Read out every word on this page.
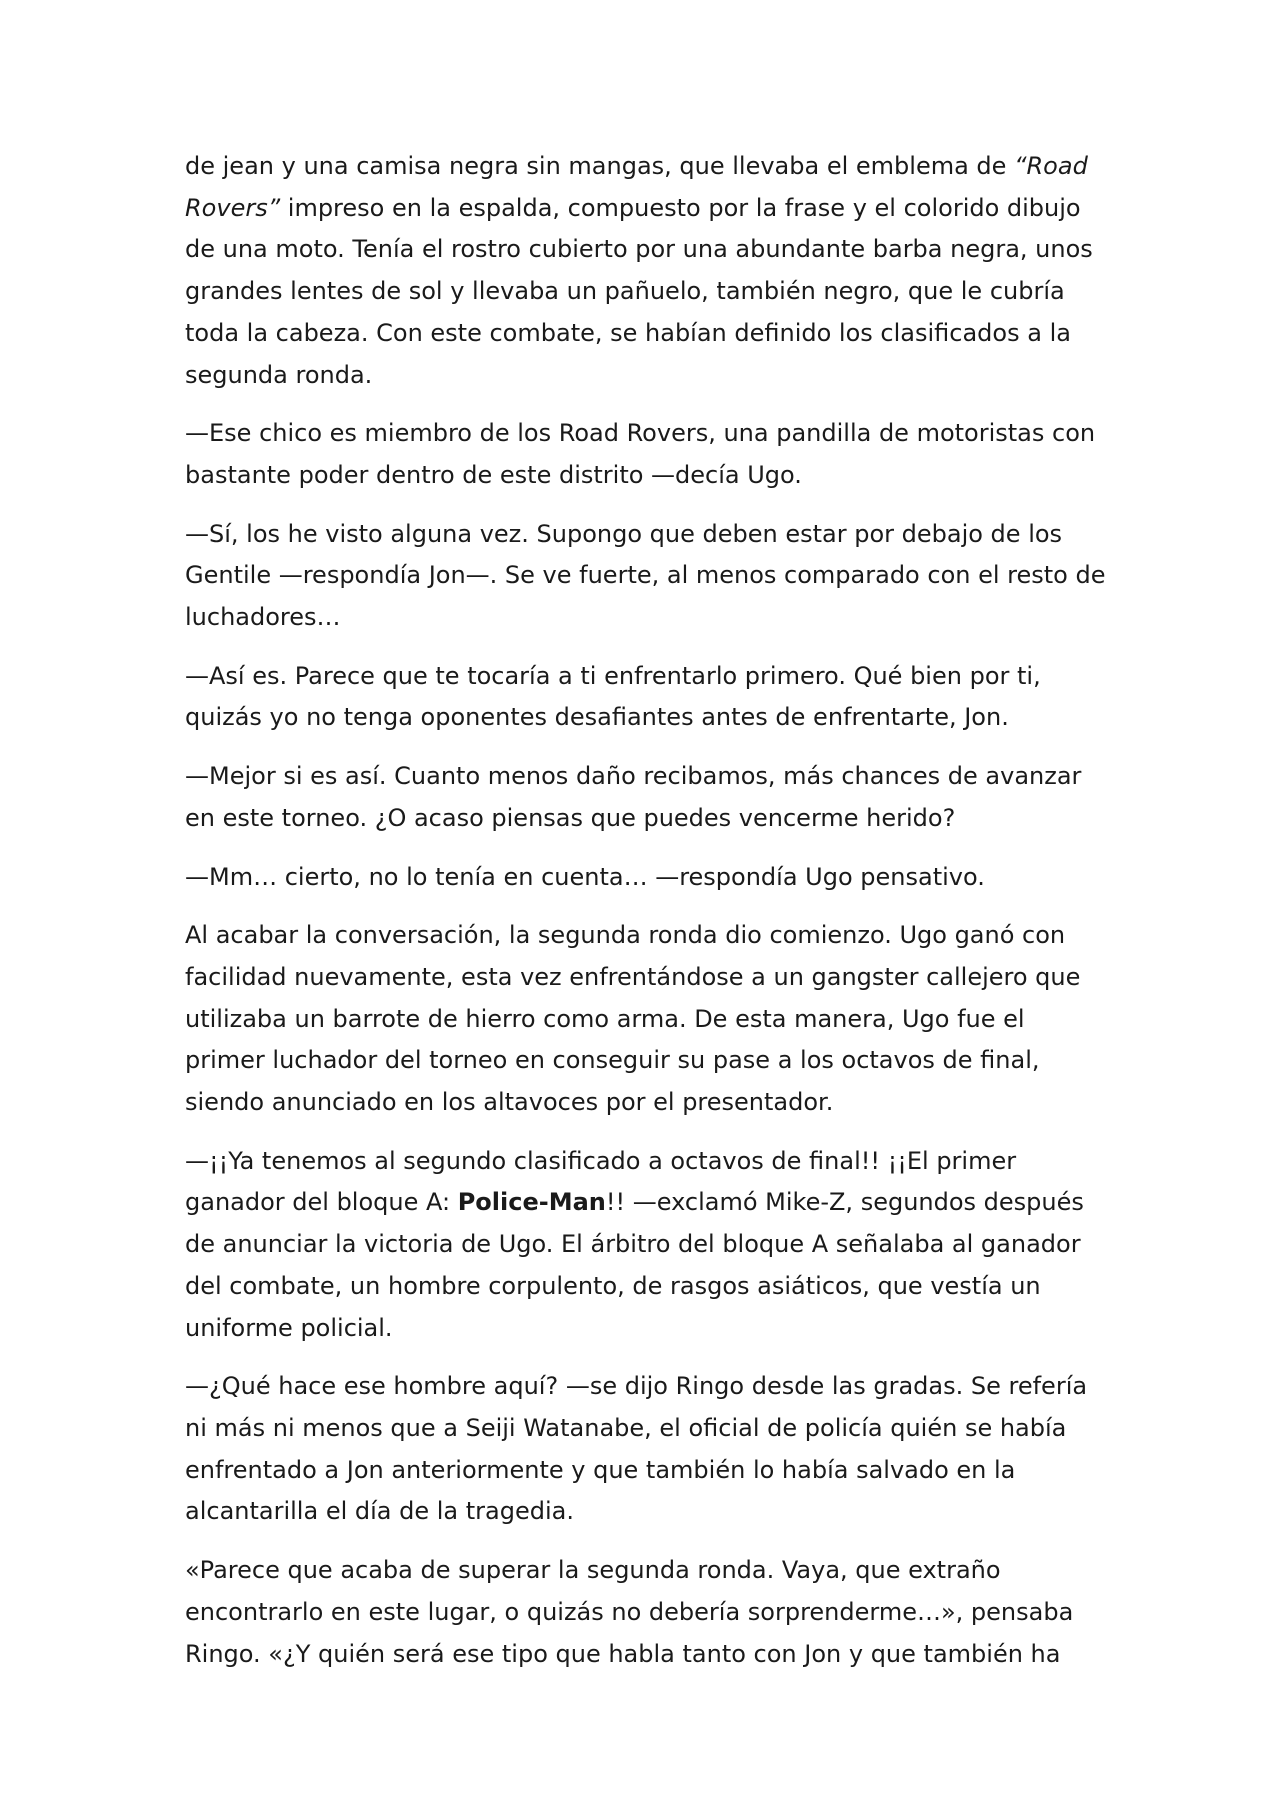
de jean y una camisa negra sin mangas, que llevaba el emblema de “Road Rovers” impreso en la espalda, compuesto por la frase y el colorido dibujo de una moto. Tenía el rostro cubierto por una abundante barba negra, unos grandes lentes de sol y llevaba un pañuelo, también negro, que le cubría toda la cabeza. Con este combate, se habían definido los clasificados a la segunda ronda.

—Ese chico es miembro de los Road Rovers, una pandilla de motoristas con bastante poder dentro de este distrito —decía Ugo.

—Sí, los he visto alguna vez. Supongo que deben estar por debajo de los Gentile —respondía Jon—. Se ve fuerte, al menos comparado con el resto de luchadores…

—Así es. Parece que te tocaría a ti enfrentarlo primero. Qué bien por ti, quizás yo no tenga oponentes desafiantes antes de enfrentarte, Jon.

—Mejor si es así. Cuanto menos daño recibamos, más chances de avanzar en este torneo. ¿O acaso piensas que puedes vencerme herido?

—Mm… cierto, no lo tenía en cuenta… —respondía Ugo pensativo.

Al acabar la conversación, la segunda ronda dio comienzo. Ugo ganó con facilidad nuevamente, esta vez enfrentándose a un gangster callejero que utilizaba un barrote de hierro como arma. De esta manera, Ugo fue el primer luchador del torneo en conseguir su pase a los octavos de final, siendo anunciado en los altavoces por el presentador.

—¡¡Ya tenemos al segundo clasificado a octavos de final!! ¡¡El primer ganador del bloque A: Police-Man!! —exclamó Mike-Z, segundos después de anunciar la victoria de Ugo. El árbitro del bloque A señalaba al ganador del combate, un hombre corpulento, de rasgos asiáticos, que vestía un uniforme policial.

—¿Qué hace ese hombre aquí? —se dijo Ringo desde las gradas. Se refería ni más ni menos que a Seiji Watanabe, el oficial de policía quién se había enfrentado a Jon anteriormente y que también lo había salvado en la alcantarilla el día de la tragedia.

«Parece que acaba de superar la segunda ronda. Vaya, que extraño encontrarlo en este lugar, o quizás no debería sorprenderme…», pensaba Ringo. «¿Y quién será ese tipo que habla tanto con Jon y que también ha
